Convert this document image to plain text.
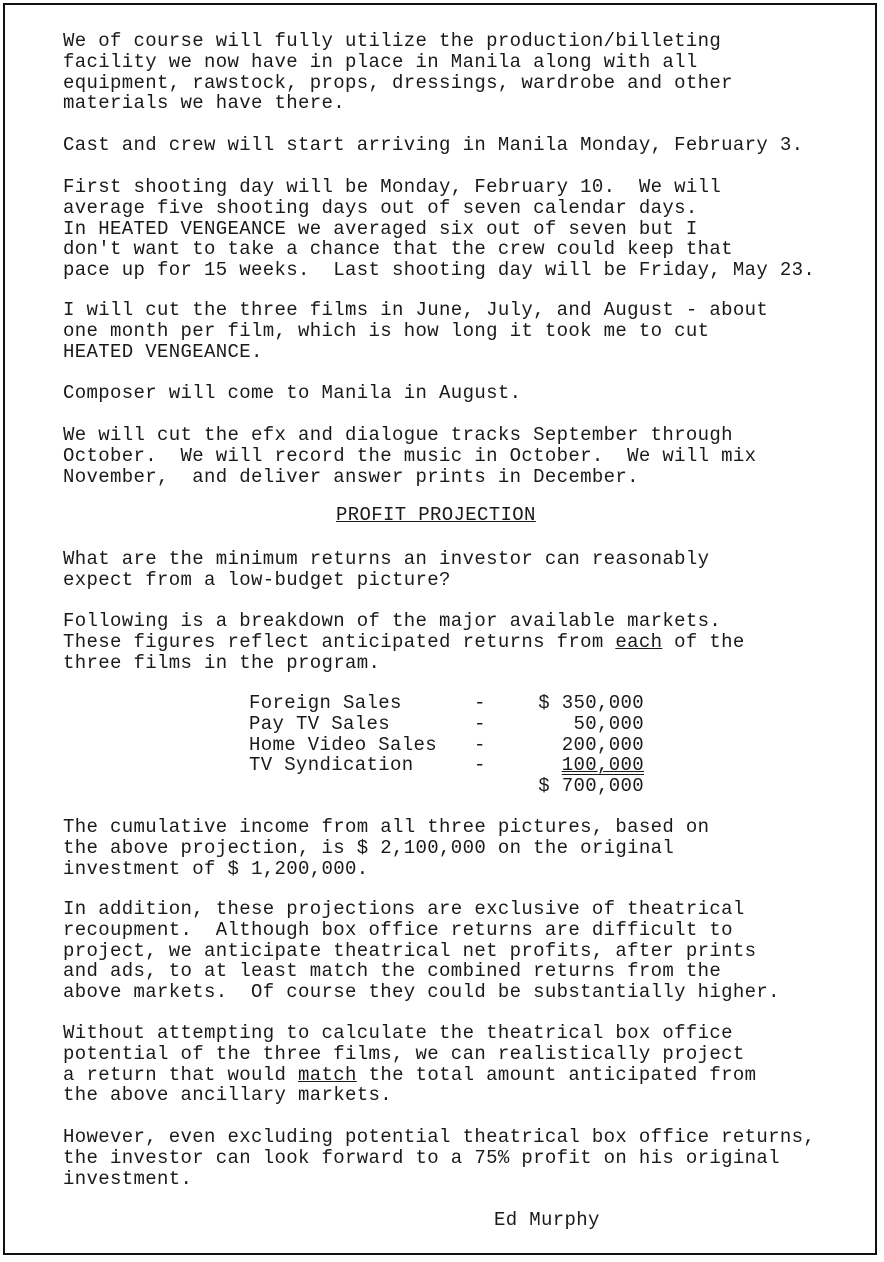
We of course will fully utilize the production/billeting
facility we now have in place in Manila along with all
equipment, rawstock, props, dressings, wardrobe and other
materials we have there.

Cast and crew will start arriving in Manila Monday, February 3.

First shooting day will be Monday, February 10.  We will
average five shooting days out of seven calendar days.
In HEATED VENGEANCE we averaged six out of seven but I
don't want to take a chance that the crew could keep that
pace up for 15 weeks.  Last shooting day will be Friday, May 23.

I will cut the three films in June, July, and August - about
one month per film, which is how long it took me to cut
HEATED VENGEANCE.

Composer will come to Manila in August.

We will cut the efx and dialogue tracks September through
October.  We will record the music in October.  We will mix
November,  and deliver answer prints in December.

PROFIT PROJECTION

What are the minimum returns an investor can reasonably
expect from a low-budget picture?

Following is a breakdown of the major available markets.
These figures reflect anticipated returns from each of the
three films in the program.

Foreign Sales	-	$ 350,000
Pay TV Sales	-	50,000
Home Video Sales	-	200,000
TV Syndication	-	100,000
		$ 700,000

The cumulative income from all three pictures, based on
the above projection, is $ 2,100,000 on the original
investment of $ 1,200,000.

In addition, these projections are exclusive of theatrical
recoupment.  Although box office returns are difficult to
project, we anticipate theatrical net profits, after prints
and ads, to at least match the combined returns from the
above markets.  Of course they could be substantially higher.

Without attempting to calculate the theatrical box office
potential of the three films, we can realistically project
a return that would match the total amount anticipated from
the above ancillary markets.

However, even excluding potential theatrical box office returns,
the investor can look forward to a 75% profit on his original
investment.

Ed Murphy
